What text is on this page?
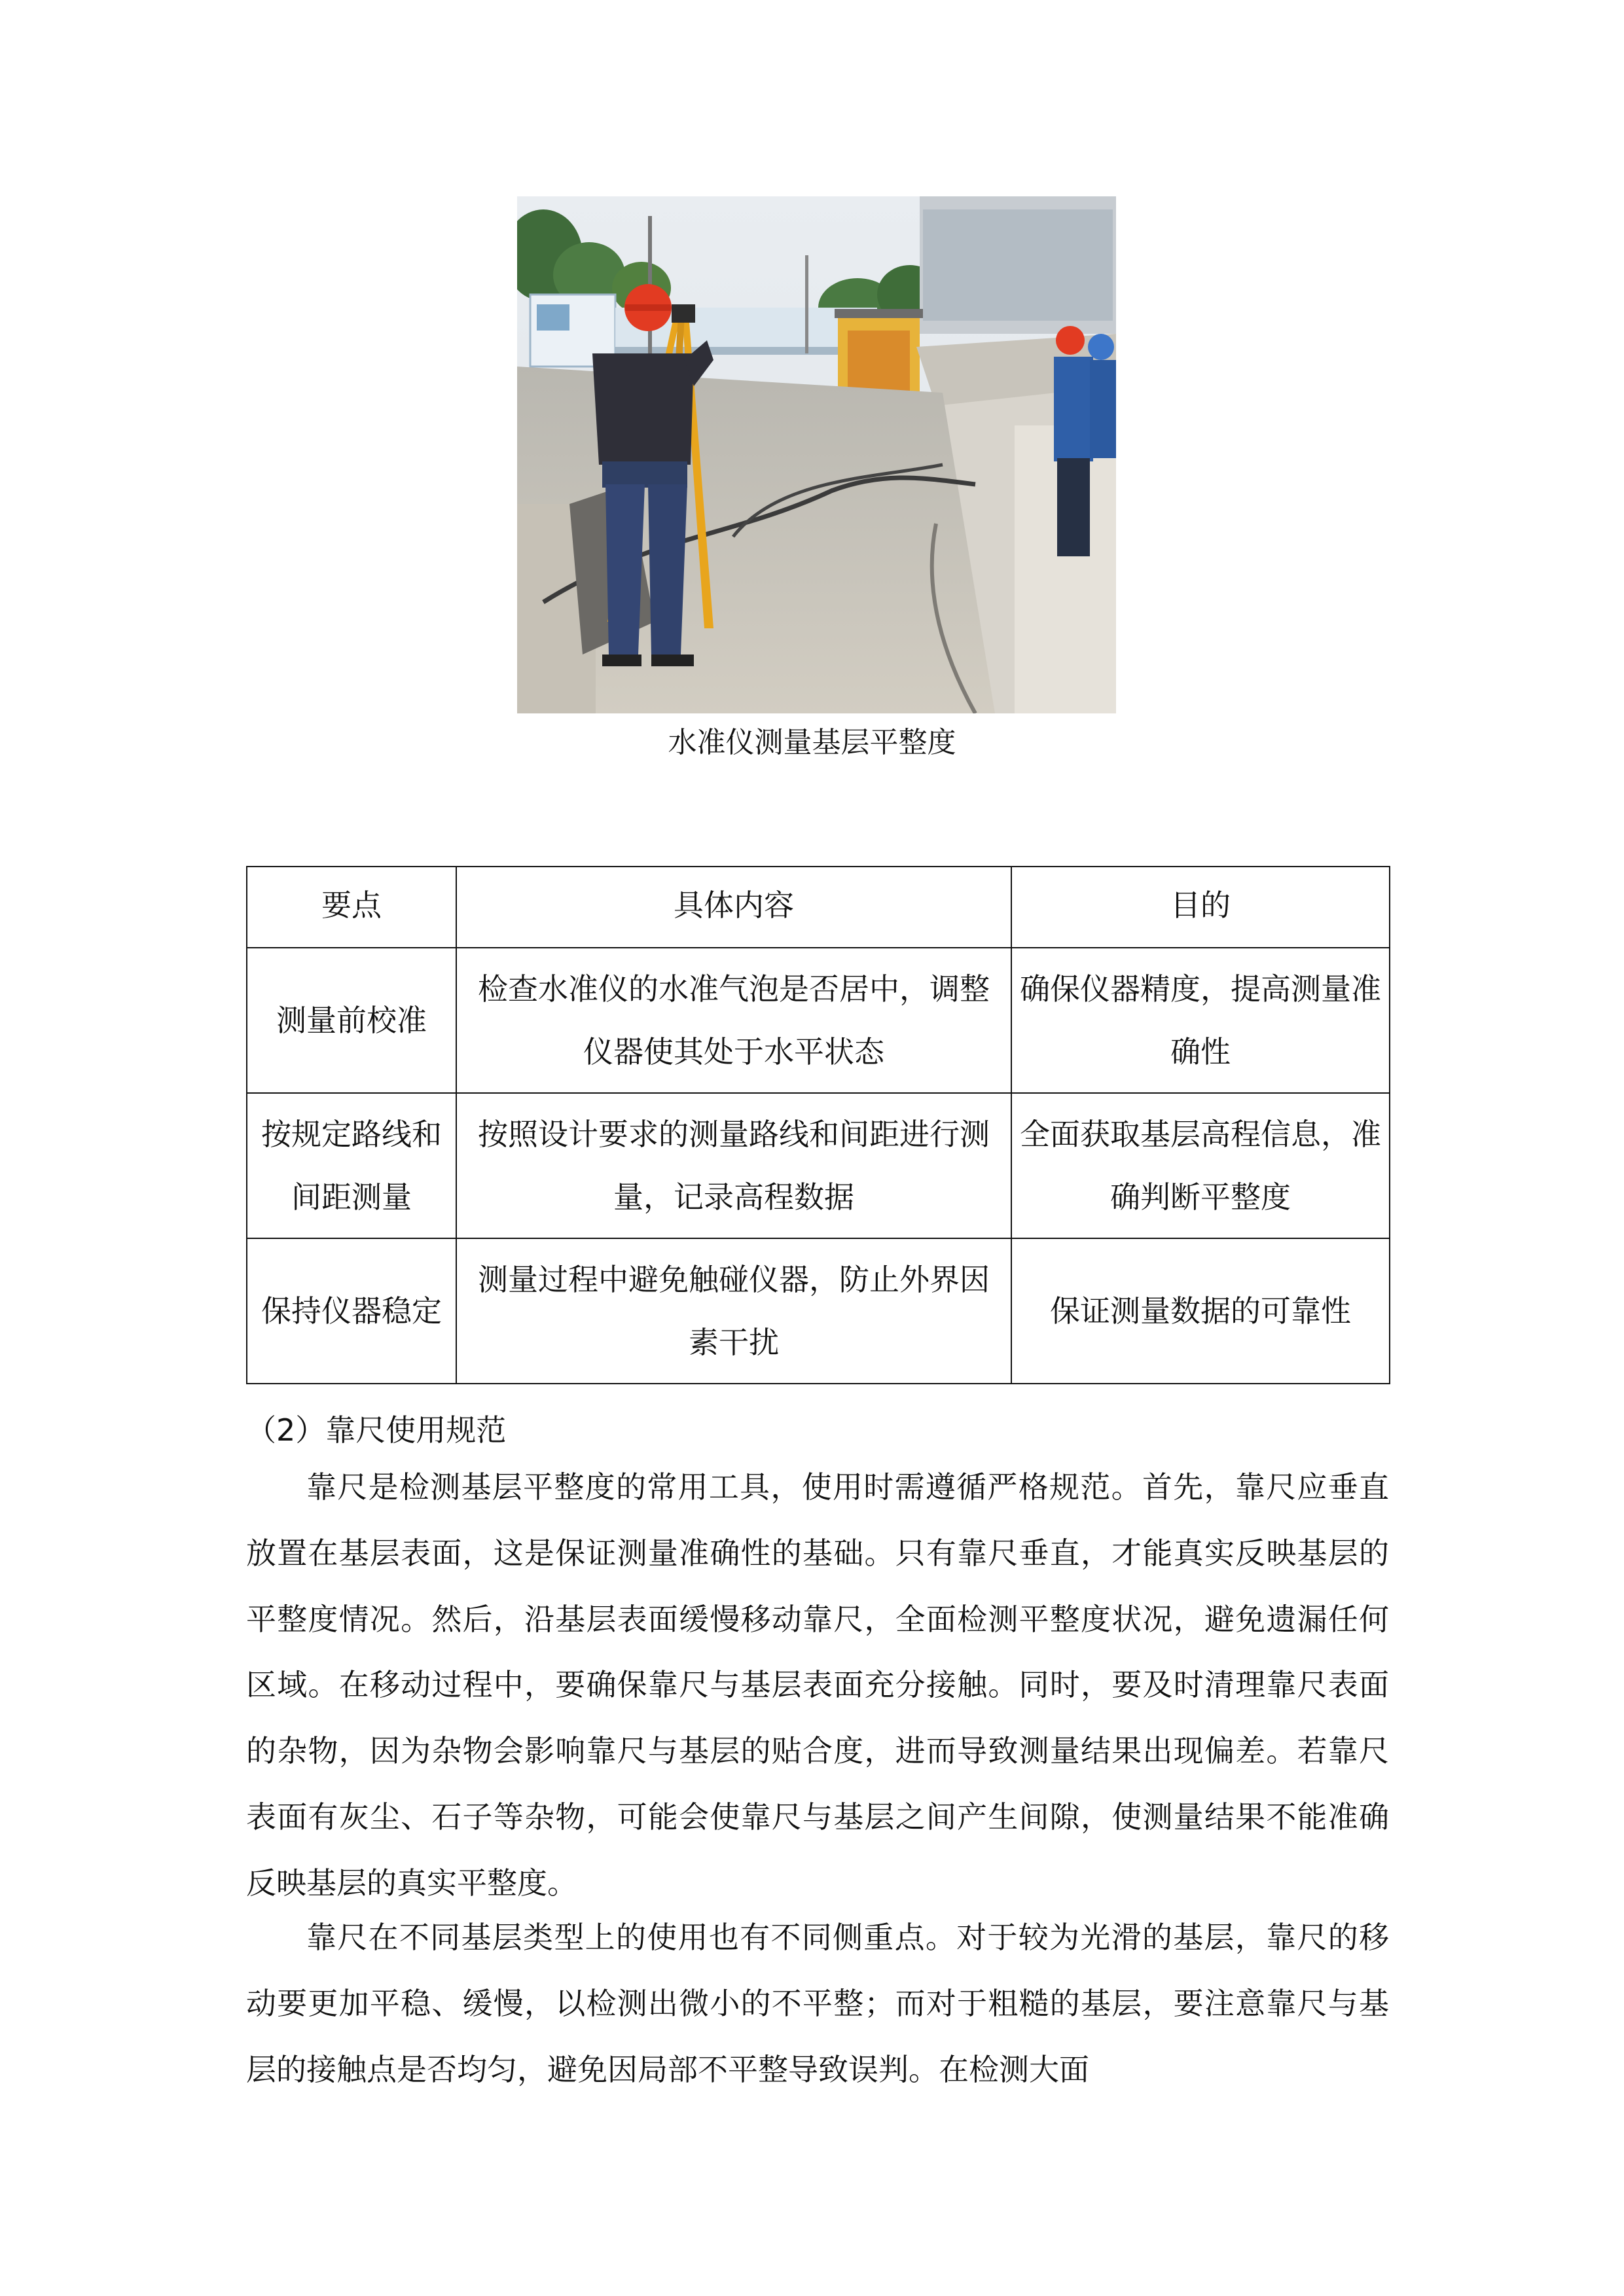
水准仪测量基层平整度
要点	具体内容	目的
测量前校准	检查水准仪的水准气泡是否居中，调整仪器使其处于水平状态	确保仪器精度，提高测量准确性
按规定路线和间距测量	按照设计要求的测量路线和间距进行测量，记录高程数据	全面获取基层高程信息，准确判断平整度
保持仪器稳定	测量过程中避免触碰仪器，防止外界因素干扰	保证测量数据的可靠性
（2）靠尺使用规范

靠尺是检测基层平整度的常用工具，使用时需遵循严格规范。首先，靠尺应垂直放置在基层表面，这是保证测量准确性的基础。只有靠尺垂直，才能真实反映基层的平整度情况。然后，沿基层表面缓慢移动靠尺，全面检测平整度状况，避免遗漏任何区域。在移动过程中，要确保靠尺与基层表面充分接触。同时，要及时清理靠尺表面的杂物，因为杂物会影响靠尺与基层的贴合度，进而导致测量结果出现偏差。若靠尺表面有灰尘、石子等杂物，可能会使靠尺与基层之间产生间隙，使测量结果不能准确反映基层的真实平整度。

靠尺在不同基层类型上的使用也有不同侧重点。对于较为光滑的基层，靠尺的移动要更加平稳、缓慢，以检测出微小的不平整；而对于粗糙的基层，要注意靠尺与基层的接触点是否均匀，避免因局部不平整导致误判。在检测大面
